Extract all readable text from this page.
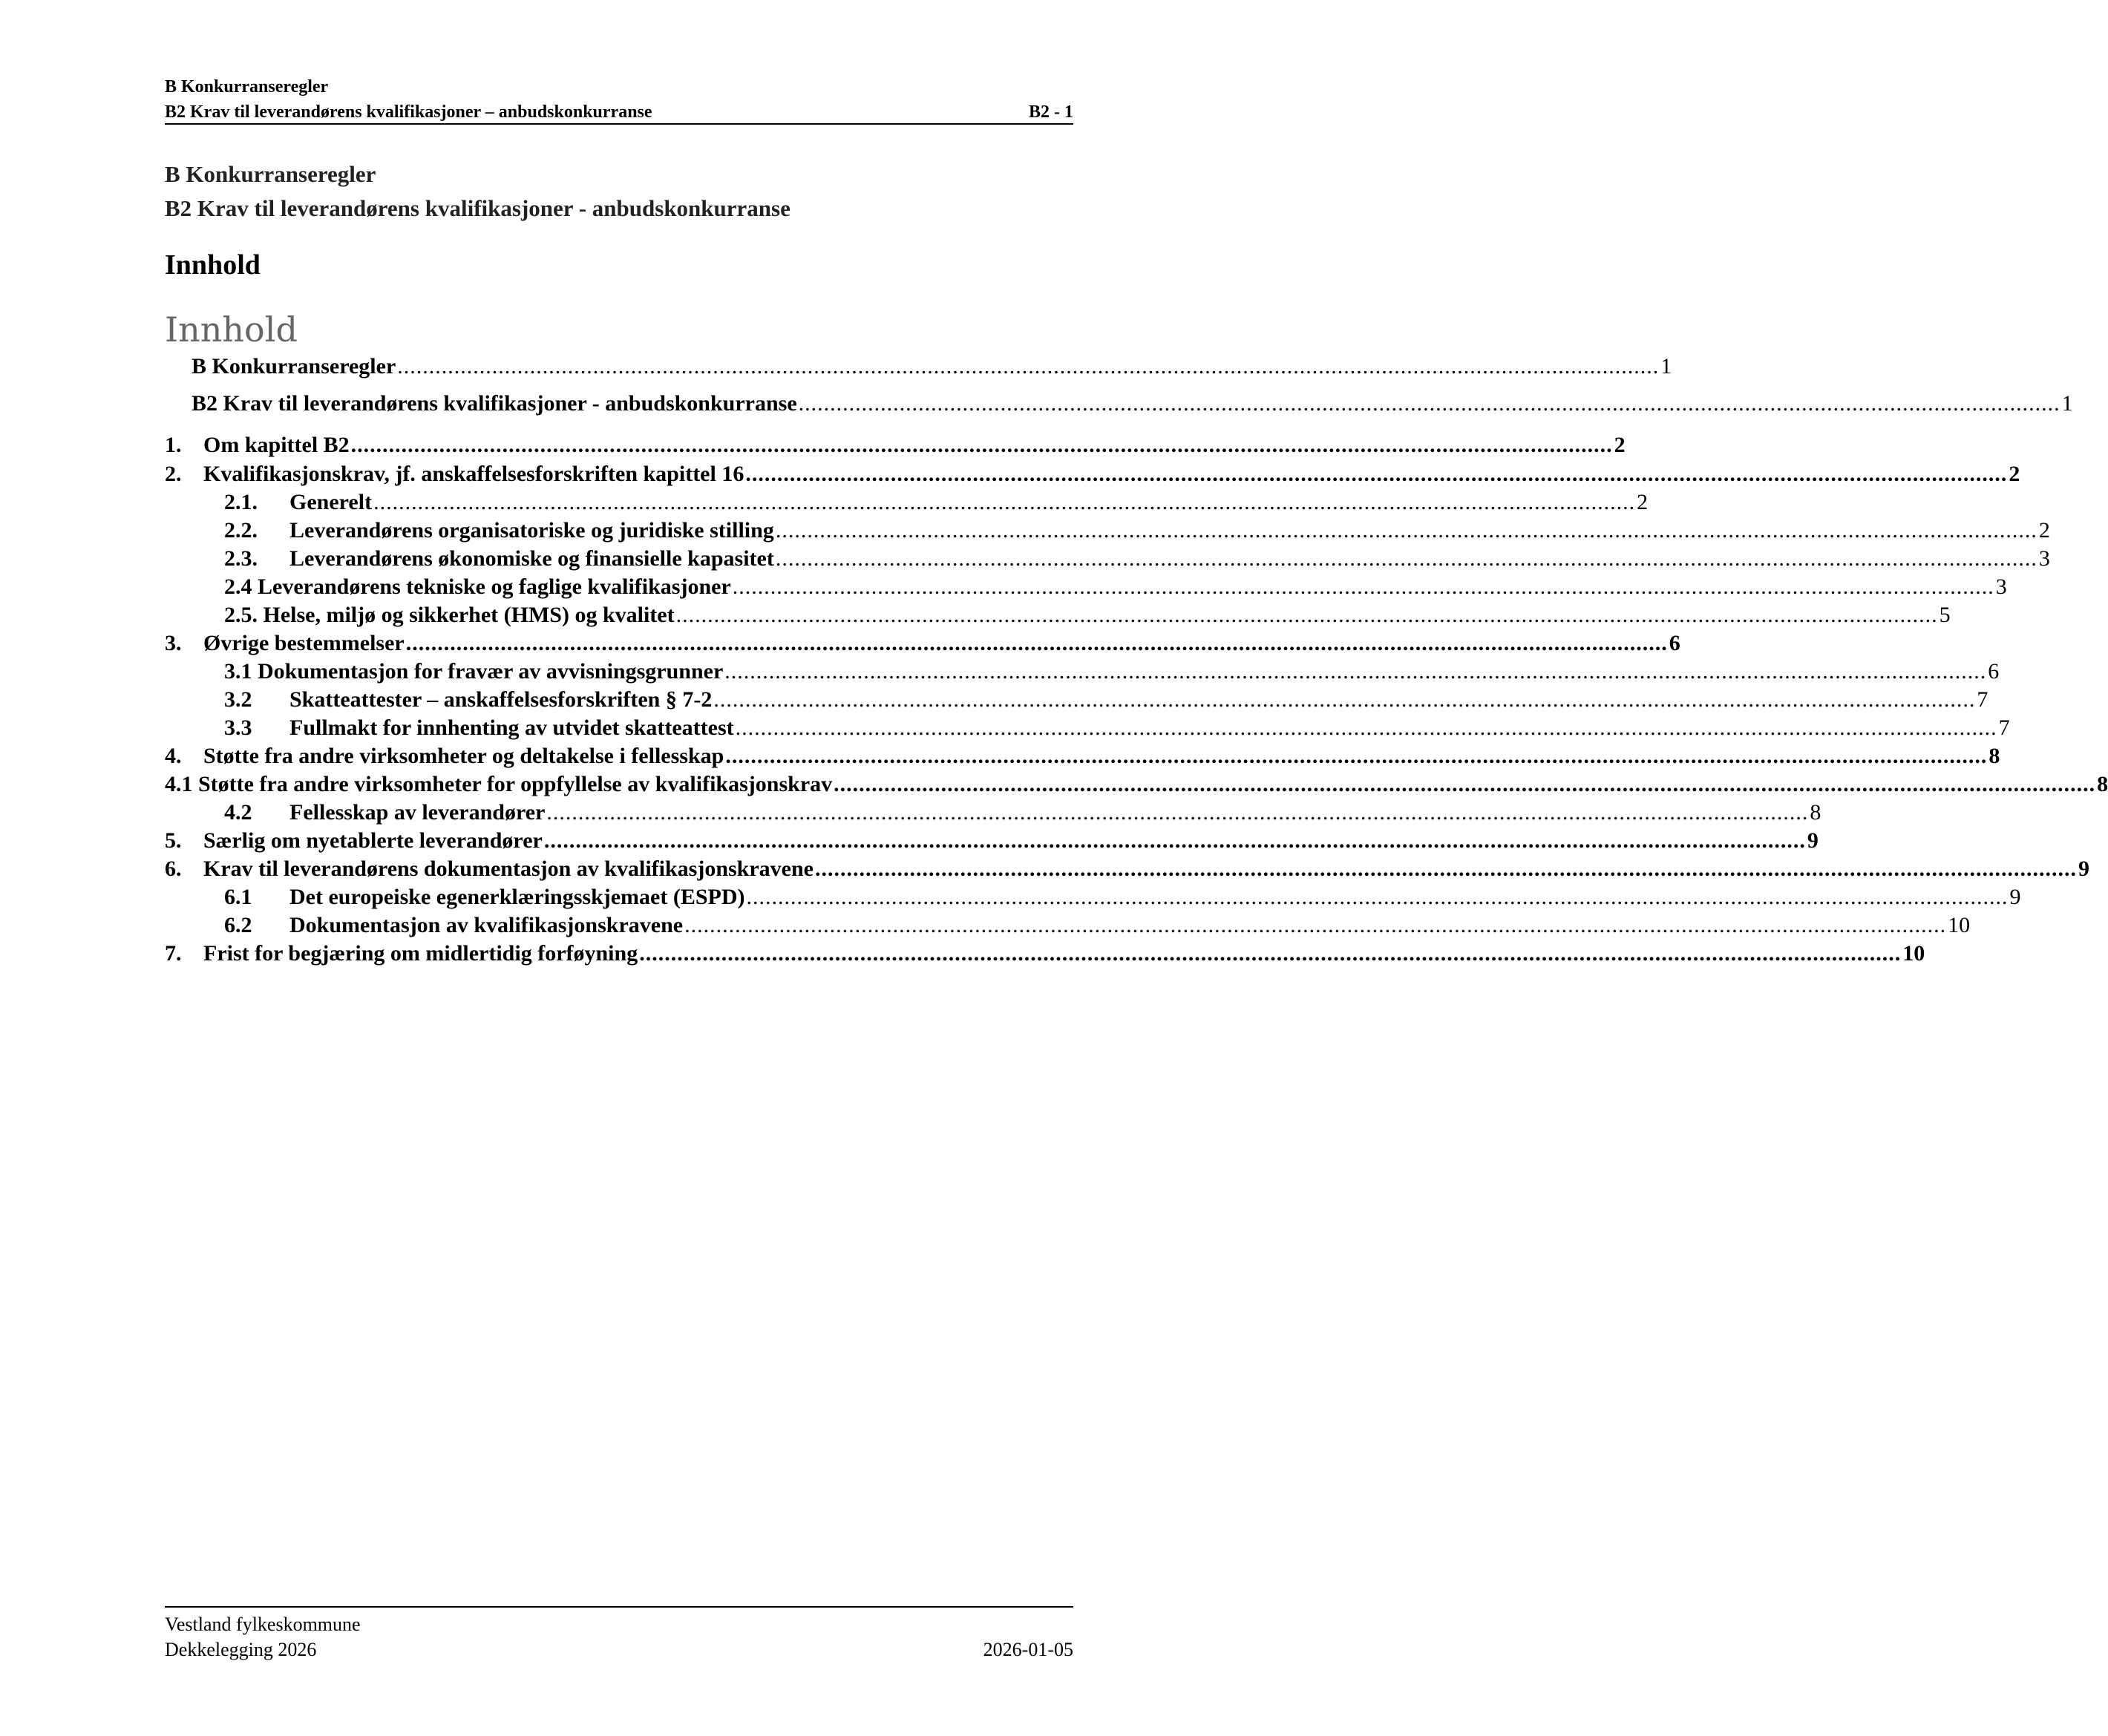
B Konkurranseregler
B2 Krav til leverandørens kvalifikasjoner – anbudskonkurranse	B2 - 1
B Konkurranseregler
B2 Krav til leverandørens kvalifikasjoner - anbudskonkurranse
Innhold
Innhold
B Konkurranseregler ........................................................................................................................................................................................................ 1
B2 Krav til leverandørens kvalifikasjoner - anbudskonkurranse ........................................................................................................................................................................................................ 1
1. Om kapittel B2 ........................................................................................................................................................................................................ 2
2. Kvalifikasjonskrav, jf. anskaffelsesforskriften kapittel 16 ........................................................................................................................................................................................................ 2
2.1. Generelt ........................................................................................................................................................................................................ 2
2.2. Leverandørens organisatoriske og juridiske stilling ........................................................................................................................................................................................................ 2
2.3. Leverandørens økonomiske og finansielle kapasitet ........................................................................................................................................................................................................ 3
2.4 Leverandørens tekniske og faglige kvalifikasjoner ........................................................................................................................................................................................................ 3
2.5. Helse, miljø og sikkerhet (HMS) og kvalitet ........................................................................................................................................................................................................ 5
3. Øvrige bestemmelser ........................................................................................................................................................................................................ 6
3.1 Dokumentasjon for fravær av avvisningsgrunner ........................................................................................................................................................................................................ 6
3.2 Skatteattester – anskaffelsesforskriften § 7-2 ........................................................................................................................................................................................................ 7
3.3 Fullmakt for innhenting av utvidet skatteattest ........................................................................................................................................................................................................ 7
4. Støtte fra andre virksomheter og deltakelse i fellesskap ........................................................................................................................................................................................................ 8
4.1 Støtte fra andre virksomheter for oppfyllelse av kvalifikasjonskrav ........................................................................................................................................................................................................ 8
4.2 Fellesskap av leverandører ........................................................................................................................................................................................................ 8
5. Særlig om nyetablerte leverandører ........................................................................................................................................................................................................ 9
6. Krav til leverandørens dokumentasjon av kvalifikasjonskravene ........................................................................................................................................................................................................ 9
6.1 Det europeiske egenerklæringsskjemaet (ESPD) ........................................................................................................................................................................................................ 9
6.2 Dokumentasjon av kvalifikasjonskravene ........................................................................................................................................................................................................ 10
7. Frist for begjæring om midlertidig forføyning ........................................................................................................................................................................................................ 10
Vestland fylkeskommune
Dekkelegging 2026	2026-01-05
